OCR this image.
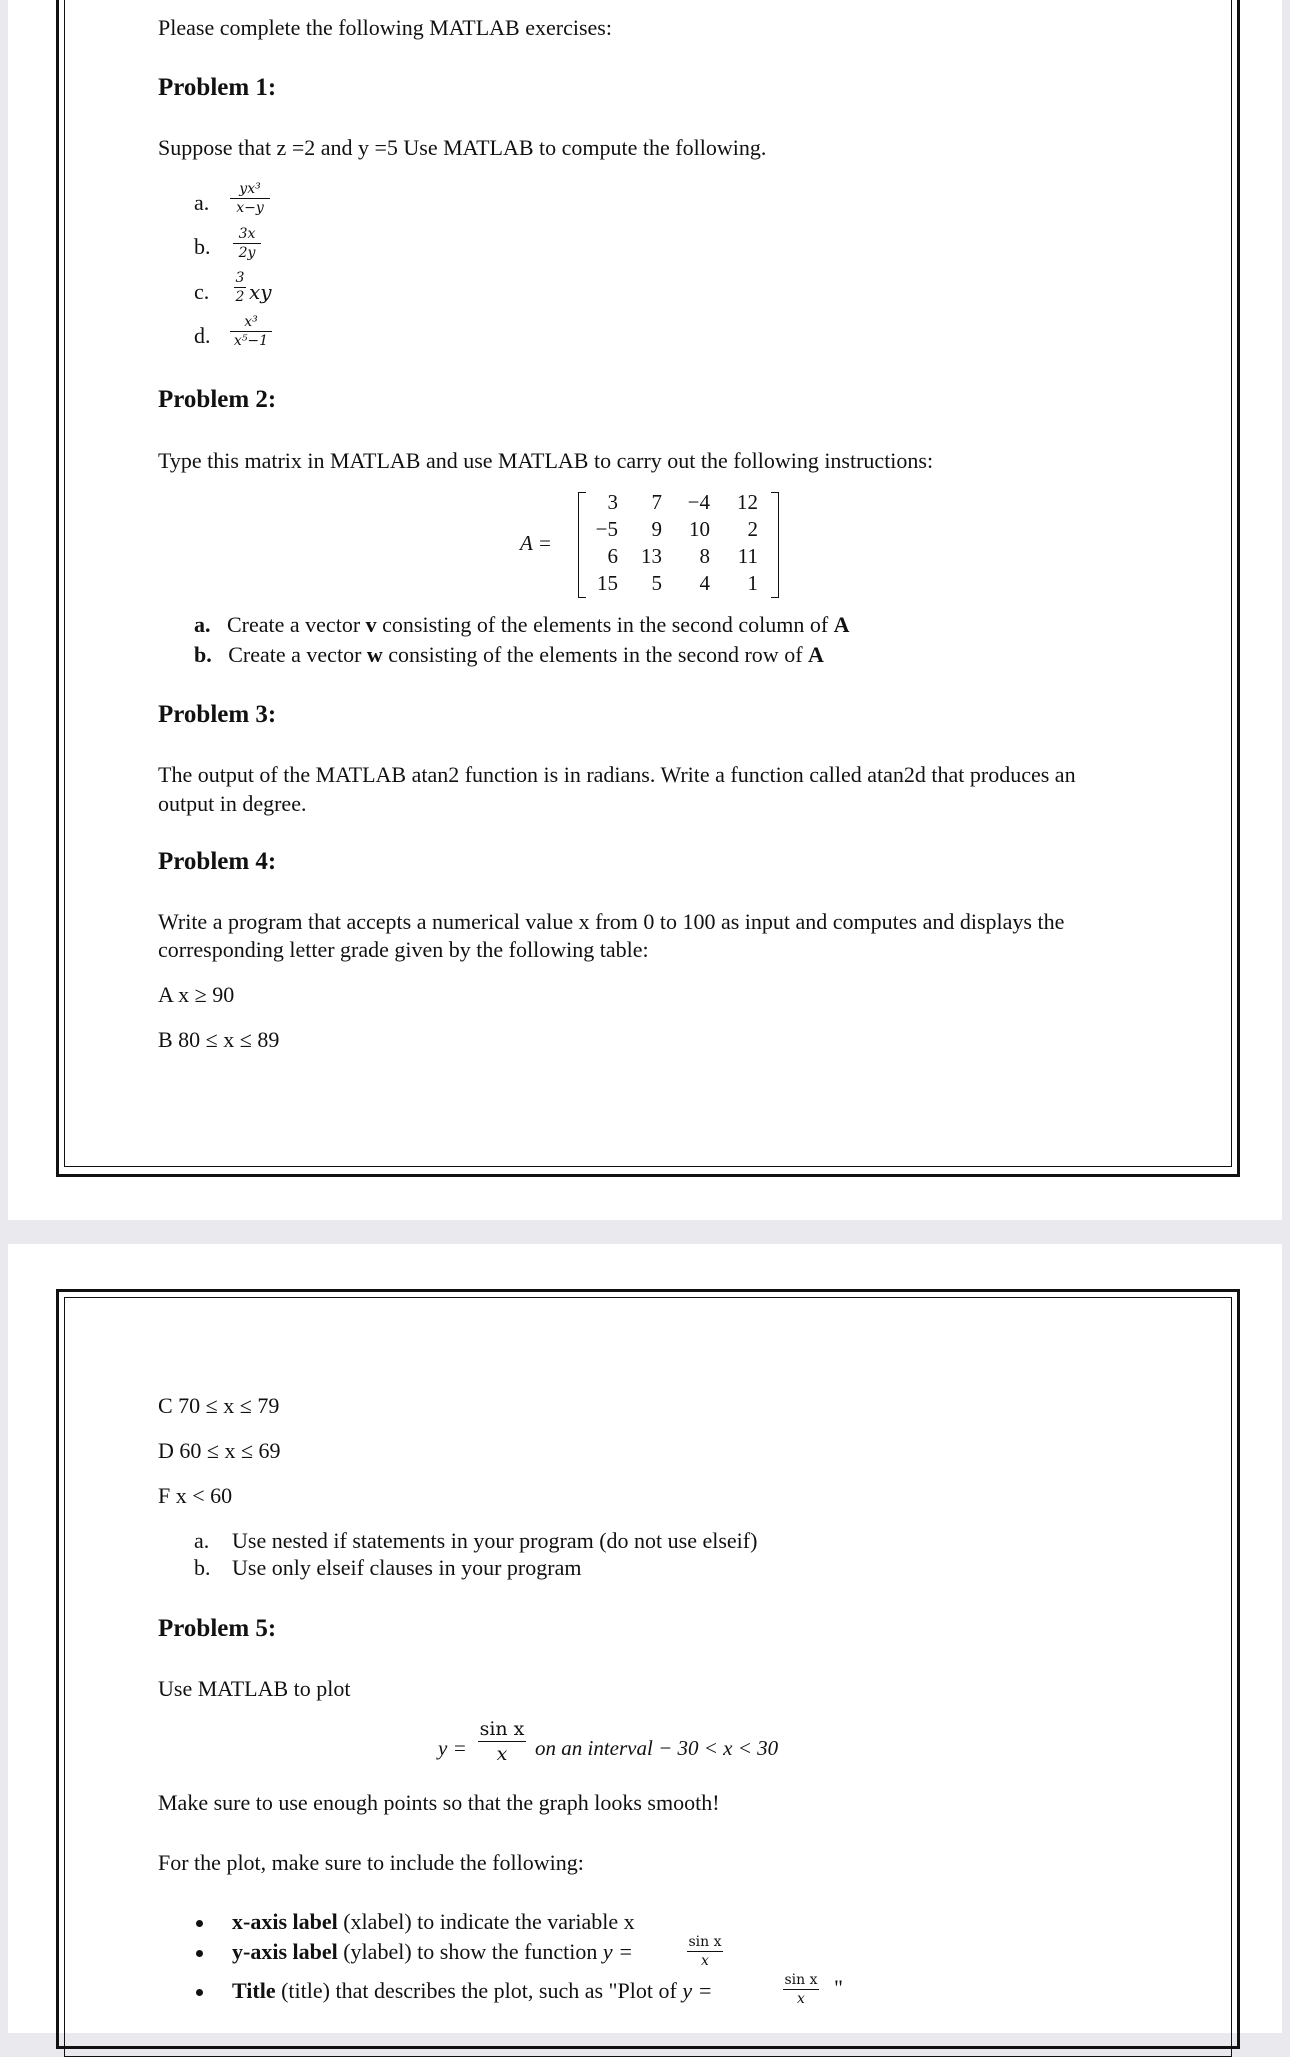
Please complete the following MATLAB exercises:
Problem 1:
Suppose that z =2 and y =5 Use MATLAB to compute the following.
a.
yx³
x−y
b.	3x
2y
c.
3
2 xy
d.
x³
x⁵−1
Problem 2:
Type this matrix in MATLAB and use MATLAB to carry out the following instructions:
A =
3	7	−4	12
−5	9	10	2
6	13	8	11
15	5	4	1
a. Create a vector v consisting of the elements in the second column of A
b. Create a vector w consisting of the elements in the second row of A
Problem 3:
The output of the MATLAB atan2 function is in radians. Write a function called atan2d that produces an
output in degree.
Problem 4:
Write a program that accepts a numerical value x from 0 to 100 as input and computes and displays the
corresponding letter grade given by the following table:
A x ≥ 90
B 80 ≤ x ≤ 89
C 70 ≤ x ≤ 79
D 60 ≤ x ≤ 69
F x < 60
a. Use nested if statements in your program (do not use elseif)
b. Use only elseif clauses in your program
Problem 5:
Use MATLAB to plot
y =
sin x
x	on an interval − 30 < x < 30
Make sure to use enough points so that the graph looks smooth!
For the plot, make sure to include the following:
x-axis label (xlabel) to indicate the variable x
y-axis label (ylabel) to show the function y =	sin x
x
Title (title) that describes the plot, such as "Plot of y =	sin x
x	"
